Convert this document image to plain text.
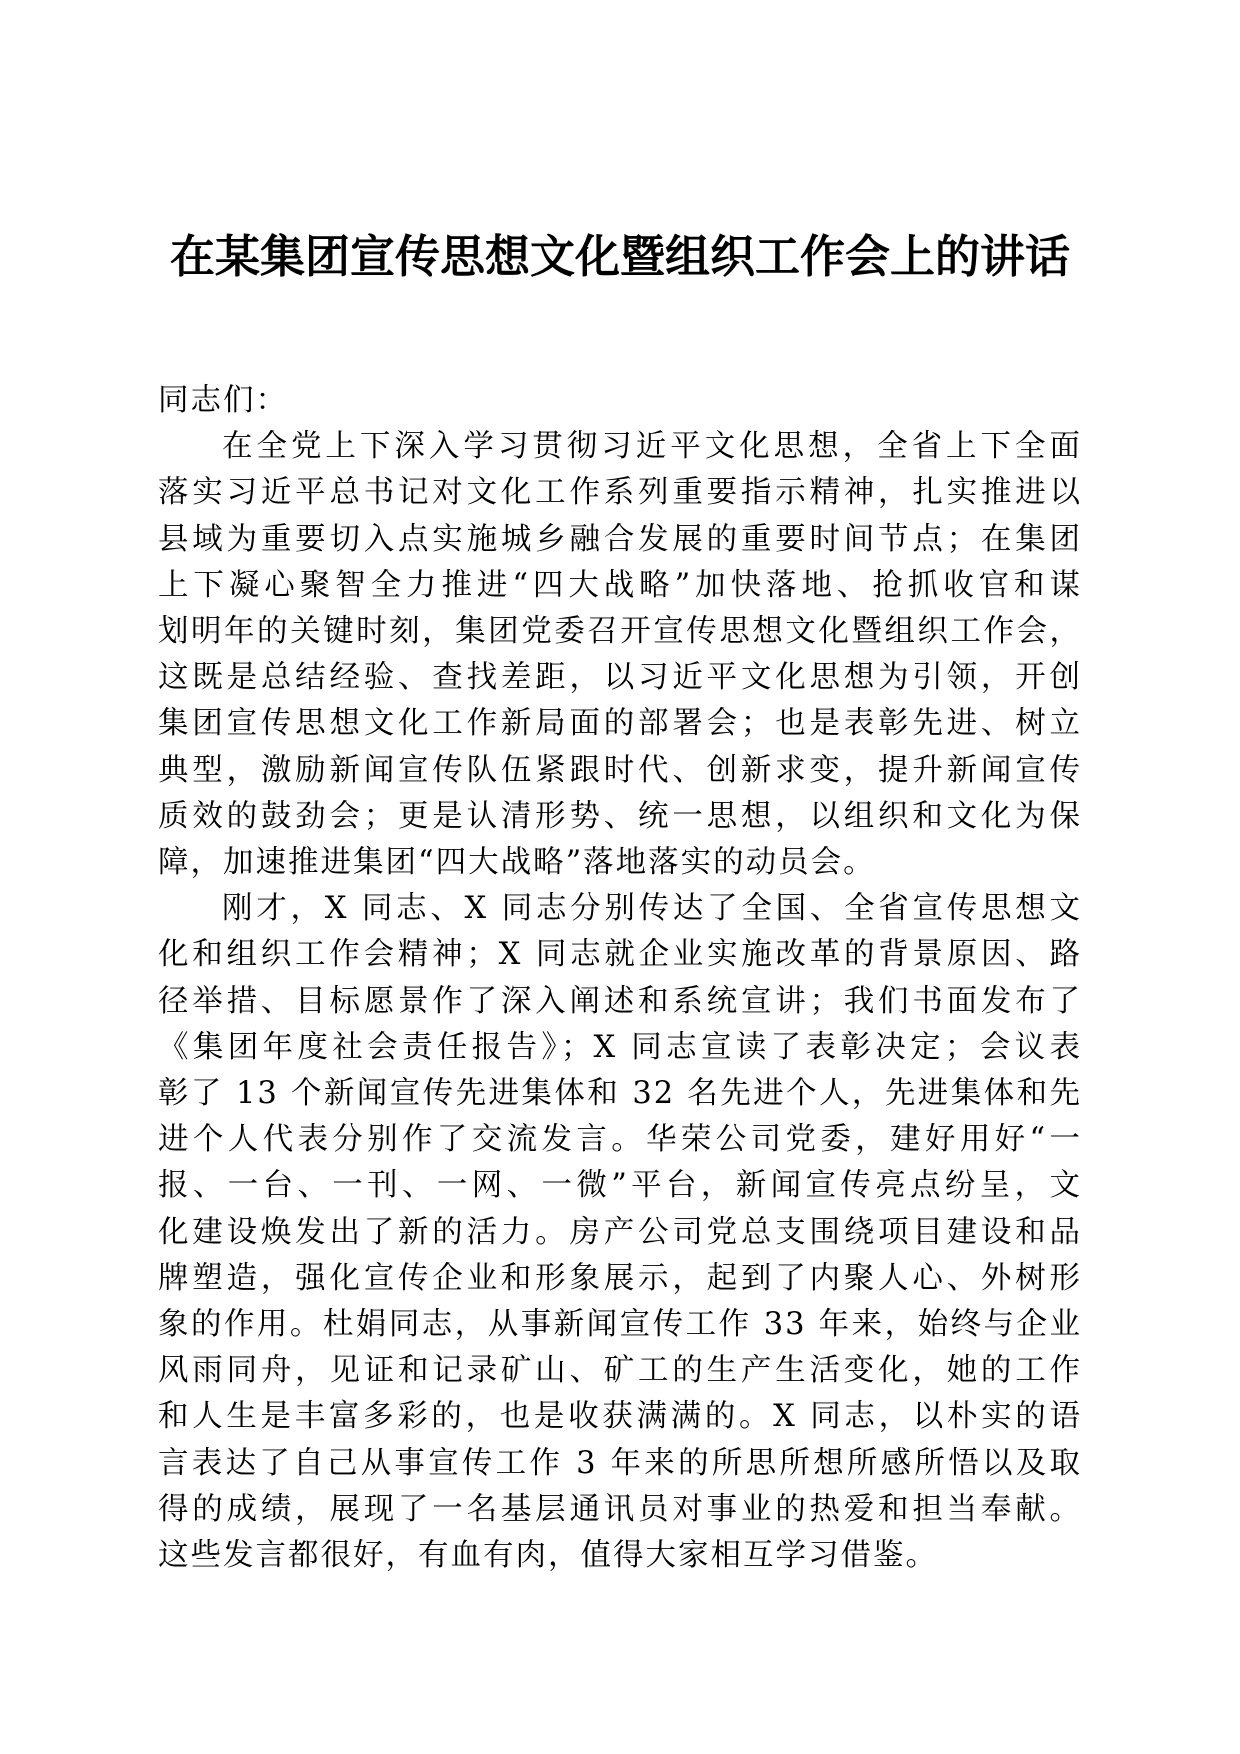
在某集团宣传思想文化暨组织工作会上的讲话

同志们：

在全党上下深入学习贯彻习近平文化思想，全省上下全面
落实习近平总书记对文化工作系列重要指示精神，扎实推进以
县域为重要切入点实施城乡融合发展的重要时间节点；在集团
上下凝心聚智全力推进“四大战略”加快落地、抢抓收官和谋
划明年的关键时刻，集团党委召开宣传思想文化暨组织工作会，
这既是总结经验、查找差距，以习近平文化思想为引领，开创
集团宣传思想文化工作新局面的部署会；也是表彰先进、树立
典型，激励新闻宣传队伍紧跟时代、创新求变，提升新闻宣传
质效的鼓劲会；更是认清形势、统一思想，以组织和文化为保
障，加速推进集团“四大战略”落地落实的动员会。
刚才，X 同志、X 同志分别传达了全国、全省宣传思想文
化和组织工作会精神；X 同志就企业实施改革的背景原因、路
径举措、目标愿景作了深入阐述和系统宣讲；我们书面发布了
《集团年度社会责任报告》；X 同志宣读了表彰决定；会议表
彰了 13 个新闻宣传先进集体和 32 名先进个人，先进集体和先
进个人代表分别作了交流发言。华荣公司党委，建好用好“一
报、一台、一刊、一网、一微”平台，新闻宣传亮点纷呈，文
化建设焕发出了新的活力。房产公司党总支围绕项目建设和品
牌塑造，强化宣传企业和形象展示，起到了内聚人心、外树形
象的作用。杜娟同志，从事新闻宣传工作 33 年来，始终与企业
风雨同舟，见证和记录矿山、矿工的生产生活变化，她的工作
和人生是丰富多彩的，也是收获满满的。X 同志，以朴实的语
言表达了自己从事宣传工作 3 年来的所思所想所感所悟以及取
得的成绩，展现了一名基层通讯员对事业的热爱和担当奉献。
这些发言都很好，有血有肉，值得大家相互学习借鉴。
